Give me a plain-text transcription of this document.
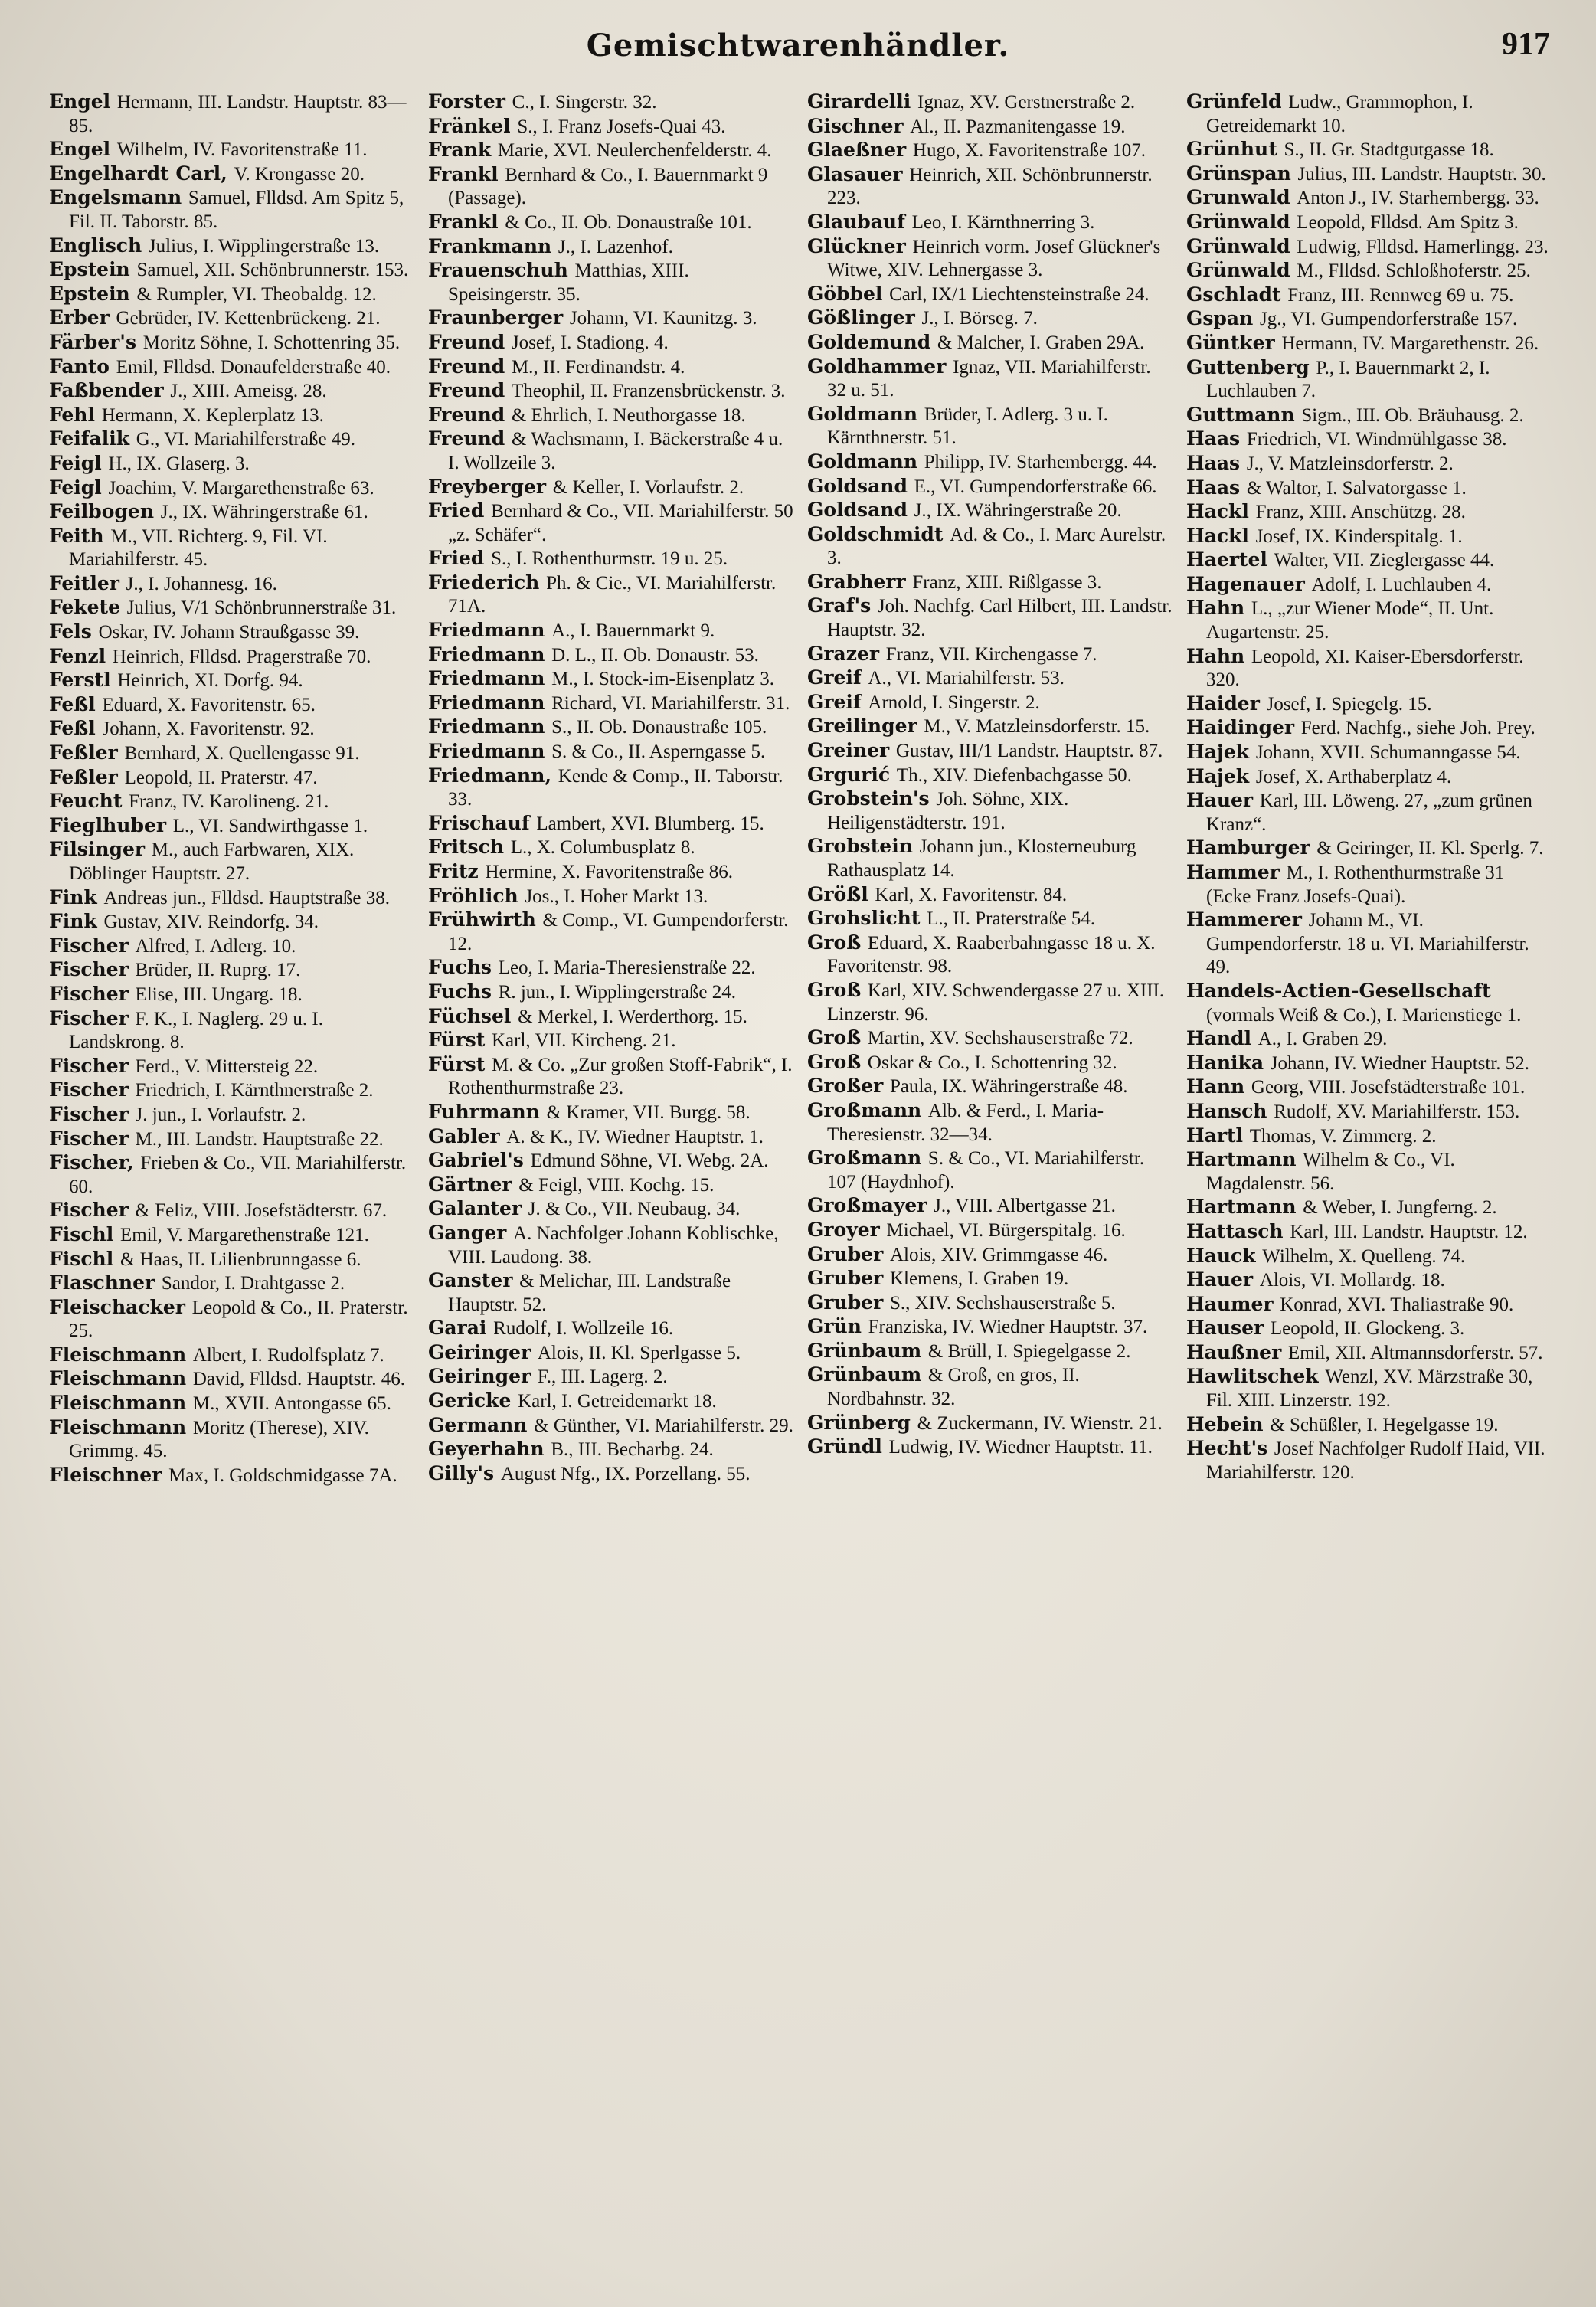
Gemischtwarenhändler.	917

Engel Hermann, III. Landstr. Hauptstr. 83—85.

Engel Wilhelm, IV. Favoritenstraße 11.

Engelhardt Carl, V. Krongasse 20.

Engelsmann Samuel, Flldsd. Am Spitz 5, Fil. II. Taborstr. 85.

Englisch Julius, I. Wipplingerstraße 13.

Epstein Samuel, XII. Schönbrunnerstr. 153.

Epstein & Rumpler, VI. Theobaldg. 12.

Erber Gebrüder, IV. Kettenbrückeng. 21.

Färber's Moritz Söhne, I. Schottenring 35.

Fanto Emil, Flldsd. Donaufelderstraße 40.

Faßbender J., XIII. Ameisg. 28.

Fehl Hermann, X. Keplerplatz 13.

Feifalik G., VI. Mariahilferstraße 49.

Feigl H., IX. Glaserg. 3.

Feigl Joachim, V. Margarethenstraße 63.

Feilbogen J., IX. Währingerstraße 61.

Feith M., VII. Richterg. 9, Fil. VI. Mariahilferstr. 45.

Feitler J., I. Johannesg. 16.

Fekete Julius, V/1 Schönbrunnerstraße 31.

Fels Oskar, IV. Johann Straußgasse 39.

Fenzl Heinrich, Flldsd. Pragerstraße 70.

Ferstl Heinrich, XI. Dorfg. 94.

Feßl Eduard, X. Favoritenstr. 65.

Feßl Johann, X. Favoritenstr. 92.

Feßler Bernhard, X. Quellengasse 91.

Feßler Leopold, II. Praterstr. 47.

Feucht Franz, IV. Karolineng. 21.

Fieglhuber L., VI. Sandwirthgasse 1.

Filsinger M., auch Farbwaren, XIX. Döblinger Hauptstr. 27.

Fink Andreas jun., Flldsd. Hauptstraße 38.

Fink Gustav, XIV. Reindorfg. 34.

Fischer Alfred, I. Adlerg. 10.

Fischer Brüder, II. Ruprg. 17.

Fischer Elise, III. Ungarg. 18.

Fischer F. K., I. Naglerg. 29 u. I. Landskrong. 8.

Fischer Ferd., V. Mittersteig 22.

Fischer Friedrich, I. Kärnthnerstraße 2.

Fischer J. jun., I. Vorlaufstr. 2.

Fischer M., III. Landstr. Hauptstraße 22.

Fischer, Frieben & Co., VII. Mariahilferstr. 60.

Fischer & Feliz, VIII. Josefstädterstr. 67.

Fischl Emil, V. Margarethenstraße 121.

Fischl & Haas, II. Lilienbrunngasse 6.

Flaschner Sandor, I. Drahtgasse 2.

Fleischacker Leopold & Co., II. Praterstr. 25.

Fleischmann Albert, I. Rudolfsplatz 7.

Fleischmann David, Flldsd. Hauptstr. 46.

Fleischmann M., XVII. Antongasse 65.

Fleischmann Moritz (Therese), XIV. Grimmg. 45.

Fleischner Max, I. Goldschmidgasse 7A.

Forster C., I. Singerstr. 32.

Fränkel S., I. Franz Josefs-Quai 43.

Frank Marie, XVI. Neulerchenfelderstr. 4.

Frankl Bernhard & Co., I. Bauernmarkt 9 (Passage).

Frankl & Co., II. Ob. Donaustraße 101.

Frankmann J., I. Lazenhof.

Frauenschuh Matthias, XIII. Speisingerstr. 35.

Fraunberger Johann, VI. Kaunitzg. 3.

Freund Josef, I. Stadiong. 4.

Freund M., II. Ferdinandstr. 4.

Freund Theophil, II. Franzensbrückenstr. 3.

Freund & Ehrlich, I. Neuthorgasse 18.

Freund & Wachsmann, I. Bäckerstraße 4 u. I. Wollzeile 3.

Freyberger & Keller, I. Vorlaufstr. 2.

Fried Bernhard & Co., VII. Mariahilferstr. 50 „z. Schäfer“.

Fried S., I. Rothenthurmstr. 19 u. 25.

Friederich Ph. & Cie., VI. Mariahilferstr. 71A.

Friedmann A., I. Bauernmarkt 9.

Friedmann D. L., II. Ob. Donaustr. 53.

Friedmann M., I. Stock-im-Eisenplatz 3.

Friedmann Richard, VI. Mariahilferstr. 31.

Friedmann S., II. Ob. Donaustraße 105.

Friedmann S. & Co., II. Asperngasse 5.

Friedmann, Kende & Comp., II. Taborstr. 33.

Frischauf Lambert, XVI. Blumberg. 15.

Fritsch L., X. Columbusplatz 8.

Fritz Hermine, X. Favoritenstraße 86.

Fröhlich Jos., I. Hoher Markt 13.

Frühwirth & Comp., VI. Gumpendorferstr. 12.

Fuchs Leo, I. Maria-Theresienstraße 22.

Fuchs R. jun., I. Wipplingerstraße 24.

Füchsel & Merkel, I. Werderthorg. 15.

Fürst Karl, VII. Kircheng. 21.

Fürst M. & Co. „Zur großen Stoff-Fabrik“, I. Rothenthurmstraße 23.

Fuhrmann & Kramer, VII. Burgg. 58.

Gabler A. & K., IV. Wiedner Hauptstr. 1.

Gabriel's Edmund Söhne, VI. Webg. 2A.

Gärtner & Feigl, VIII. Kochg. 15.

Galanter J. & Co., VII. Neubaug. 34.

Ganger A. Nachfolger Johann Koblischke, VIII. Laudong. 38.

Ganster & Melichar, III. Landstraße Hauptstr. 52.

Garai Rudolf, I. Wollzeile 16.

Geiringer Alois, II. Kl. Sperlgasse 5.

Geiringer F., III. Lagerg. 2.

Gericke Karl, I. Getreidemarkt 18.

Germann & Günther, VI. Mariahilferstr. 29.

Geyerhahn B., III. Becharbg. 24.

Gilly's August Nfg., IX. Porzellang. 55.

Girardelli Ignaz, XV. Gerstnerstraße 2.

Gischner Al., II. Pazmanitengasse 19.

Glaeßner Hugo, X. Favoritenstraße 107.

Glasauer Heinrich, XII. Schönbrunnerstr. 223.

Glaubauf Leo, I. Kärnthnerring 3.

Glückner Heinrich vorm. Josef Glückner's Witwe, XIV. Lehnergasse 3.

Göbbel Carl, IX/1 Liechtensteinstraße 24.

Gößlinger J., I. Börseg. 7.

Goldemund & Malcher, I. Graben 29A.

Goldhammer Ignaz, VII. Mariahilferstr. 32 u. 51.

Goldmann Brüder, I. Adlerg. 3 u. I. Kärnthnerstr. 51.

Goldmann Philipp, IV. Starhembergg. 44.

Goldsand E., VI. Gumpendorferstraße 66.

Goldsand J., IX. Währingerstraße 20.

Goldschmidt Ad. & Co., I. Marc Aurelstr. 3.

Grabherr Franz, XIII. Rißlgasse 3.

Graf's Joh. Nachfg. Carl Hilbert, III. Landstr. Hauptstr. 32.

Grazer Franz, VII. Kirchengasse 7.

Greif A., VI. Mariahilferstr. 53.

Greif Arnold, I. Singerstr. 2.

Greilinger M., V. Matzleinsdorferstr. 15.

Greiner Gustav, III/1 Landstr. Hauptstr. 87.

Grgurić Th., XIV. Diefenbachgasse 50.

Grobstein's Joh. Söhne, XIX. Heiligenstädterstr. 191.

Grobstein Johann jun., Klosterneuburg Rathausplatz 14.

Größl Karl, X. Favoritenstr. 84.

Grohslicht L., II. Praterstraße 54.

Groß Eduard, X. Raaberbahngasse 18 u. X. Favoritenstr. 98.

Groß Karl, XIV. Schwendergasse 27 u. XIII. Linzerstr. 96.

Groß Martin, XV. Sechshauserstraße 72.

Groß Oskar & Co., I. Schottenring 32.

Großer Paula, IX. Währingerstraße 48.

Großmann Alb. & Ferd., I. Maria-Theresienstr. 32—34.

Großmann S. & Co., VI. Mariahilferstr. 107 (Haydnhof).

Großmayer J., VIII. Albertgasse 21.

Groyer Michael, VI. Bürgerspitalg. 16.

Gruber Alois, XIV. Grimmgasse 46.

Gruber Klemens, I. Graben 19.

Gruber S., XIV. Sechshauserstraße 5.

Grün Franziska, IV. Wiedner Hauptstr. 37.

Grünbaum & Brüll, I. Spiegelgasse 2.

Grünbaum & Groß, en gros, II. Nordbahnstr. 32.

Grünberg & Zuckermann, IV. Wienstr. 21.

Gründl Ludwig, IV. Wiedner Hauptstr. 11.

Grünfeld Ludw., Grammophon, I. Getreidemarkt 10.

Grünhut S., II. Gr. Stadtgutgasse 18.

Grünspan Julius, III. Landstr. Hauptstr. 30.

Grunwald Anton J., IV. Starhembergg. 33.

Grünwald Leopold, Flldsd. Am Spitz 3.

Grünwald Ludwig, Flldsd. Hamerlingg. 23.

Grünwald M., Flldsd. Schloßhoferstr. 25.

Gschladt Franz, III. Rennweg 69 u. 75.

Gspan Jg., VI. Gumpendorferstraße 157.

Güntker Hermann, IV. Margarethenstr. 26.

Guttenberg P., I. Bauernmarkt 2, I. Luchlauben 7.

Guttmann Sigm., III. Ob. Bräuhausg. 2.

Haas Friedrich, VI. Windmühlgasse 38.

Haas J., V. Matzleinsdorferstr. 2.

Haas & Waltor, I. Salvatorgasse 1.

Hackl Franz, XIII. Anschützg. 28.

Hackl Josef, IX. Kinderspitalg. 1.

Haertel Walter, VII. Zieglergasse 44.

Hagenauer Adolf, I. Luchlauben 4.

Hahn L., „zur Wiener Mode“, II. Unt. Augartenstr. 25.

Hahn Leopold, XI. Kaiser-Ebersdorferstr. 320.

Haider Josef, I. Spiegelg. 15.

Haidinger Ferd. Nachfg., siehe Joh. Prey.

Hajek Johann, XVII. Schumanngasse 54.

Hajek Josef, X. Arthaberplatz 4.

Hauer Karl, III. Löweng. 27, „zum grünen Kranz“.

Hamburger & Geiringer, II. Kl. Sperlg. 7.

Hammer M., I. Rothenthurmstraße 31 (Ecke Franz Josefs-Quai).

Hammerer Johann M., VI. Gumpendorferstr. 18 u. VI. Mariahilferstr. 49.

Handels-Actien-Gesellschaft(vormals Weiß & Co.), I. Marienstiege 1.

Handl A., I. Graben 29.

Hanika Johann, IV. Wiedner Hauptstr. 52.

Hann Georg, VIII. Josefstädterstraße 101.

Hansch Rudolf, XV. Mariahilferstr. 153.

Hartl Thomas, V. Zimmerg. 2.

Hartmann Wilhelm & Co., VI. Magdalenstr. 56.

Hartmann & Weber, I. Jungferng. 2.

Hattasch Karl, III. Landstr. Hauptstr. 12.

Hauck Wilhelm, X. Quelleng. 74.

Hauer Alois, VI. Mollardg. 18.

Haumer Konrad, XVI. Thaliastraße 90.

Hauser Leopold, II. Glockeng. 3.

Haußner Emil, XII. Altmannsdorferstr. 57.

Hawlitschek Wenzl, XV. Märzstraße 30, Fil. XIII. Linzerstr. 192.

Hebein & Schüßler, I. Hegelgasse 19.

Hecht's Josef Nachfolger Rudolf Haid, VII. Mariahilferstr. 120.
